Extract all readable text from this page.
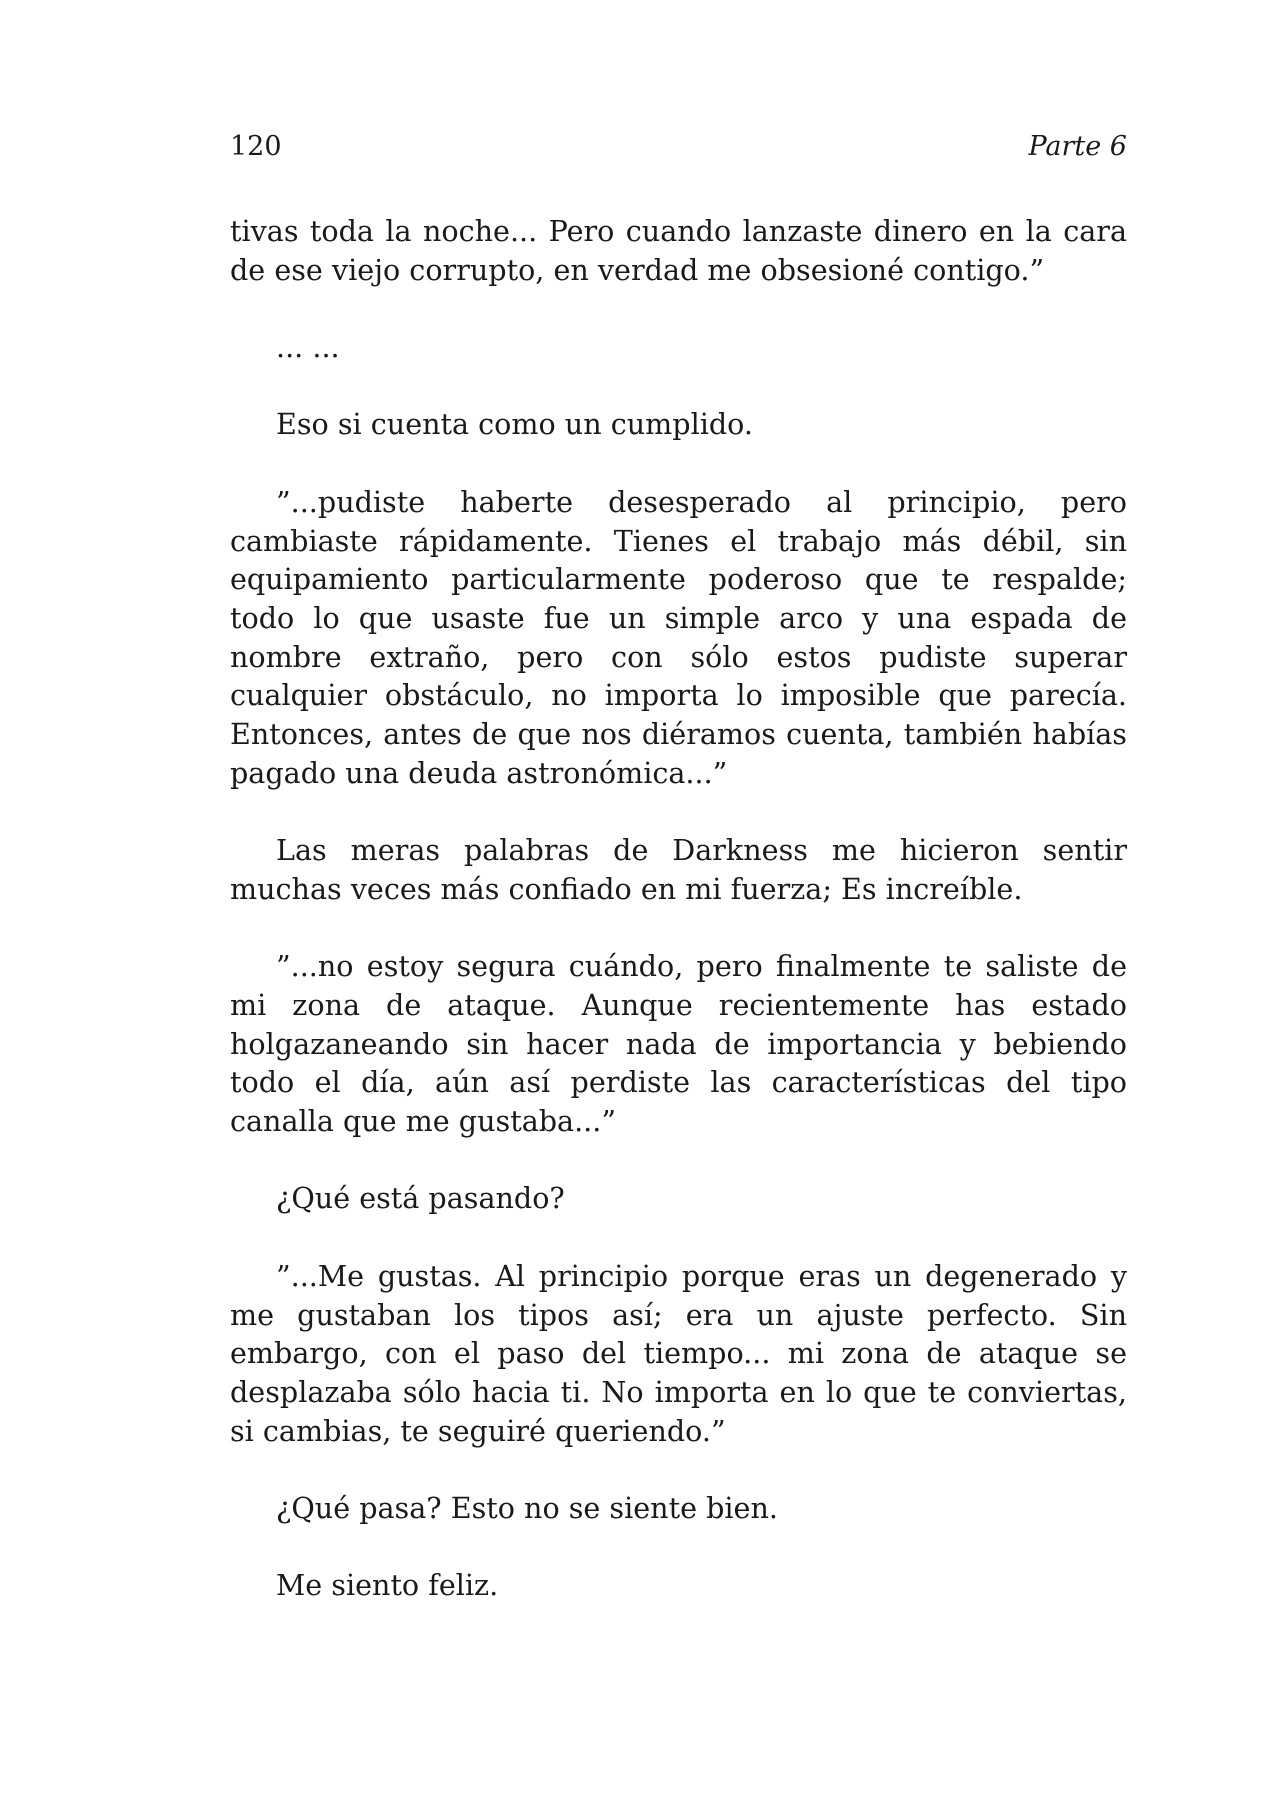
120	Parte 6

tivas toda la noche... Pero cuando lanzaste dinero en la cara de ese viejo corrupto, en verdad me obsesioné contigo.”

... ...

Eso si cuenta como un cumplido.

”...pudiste haberte desesperado al principio, pero cambiaste rápidamente. Tienes el trabajo más débil, sin equipamiento particularmente poderoso que te respalde; todo lo que usaste fue un simple arco y una espada de nombre extraño, pero con sólo estos pudiste superar cualquier obstáculo, no importa lo imposible que parecía. Entonces, antes de que nos diéramos cuenta, también habías pagado una deuda astronómica...”

Las meras palabras de Darkness me hicieron sentir muchas veces más confiado en mi fuerza; Es increíble.

”...no estoy segura cuándo, pero finalmente te saliste de mi zona de ataque. Aunque recientemente has estado holgazaneando sin hacer nada de importancia y bebiendo todo el día, aún así perdiste las características del tipo canalla que me gustaba...”

¿Qué está pasando?

”...Me gustas. Al principio porque eras un degenerado y me gustaban los tipos así; era un ajuste perfecto. Sin embargo, con el paso del tiempo... mi zona de ataque se desplazaba sólo hacia ti. No importa en lo que te conviertas, si cambias, te seguiré queriendo.”

¿Qué pasa? Esto no se siente bien.

Me siento feliz.
